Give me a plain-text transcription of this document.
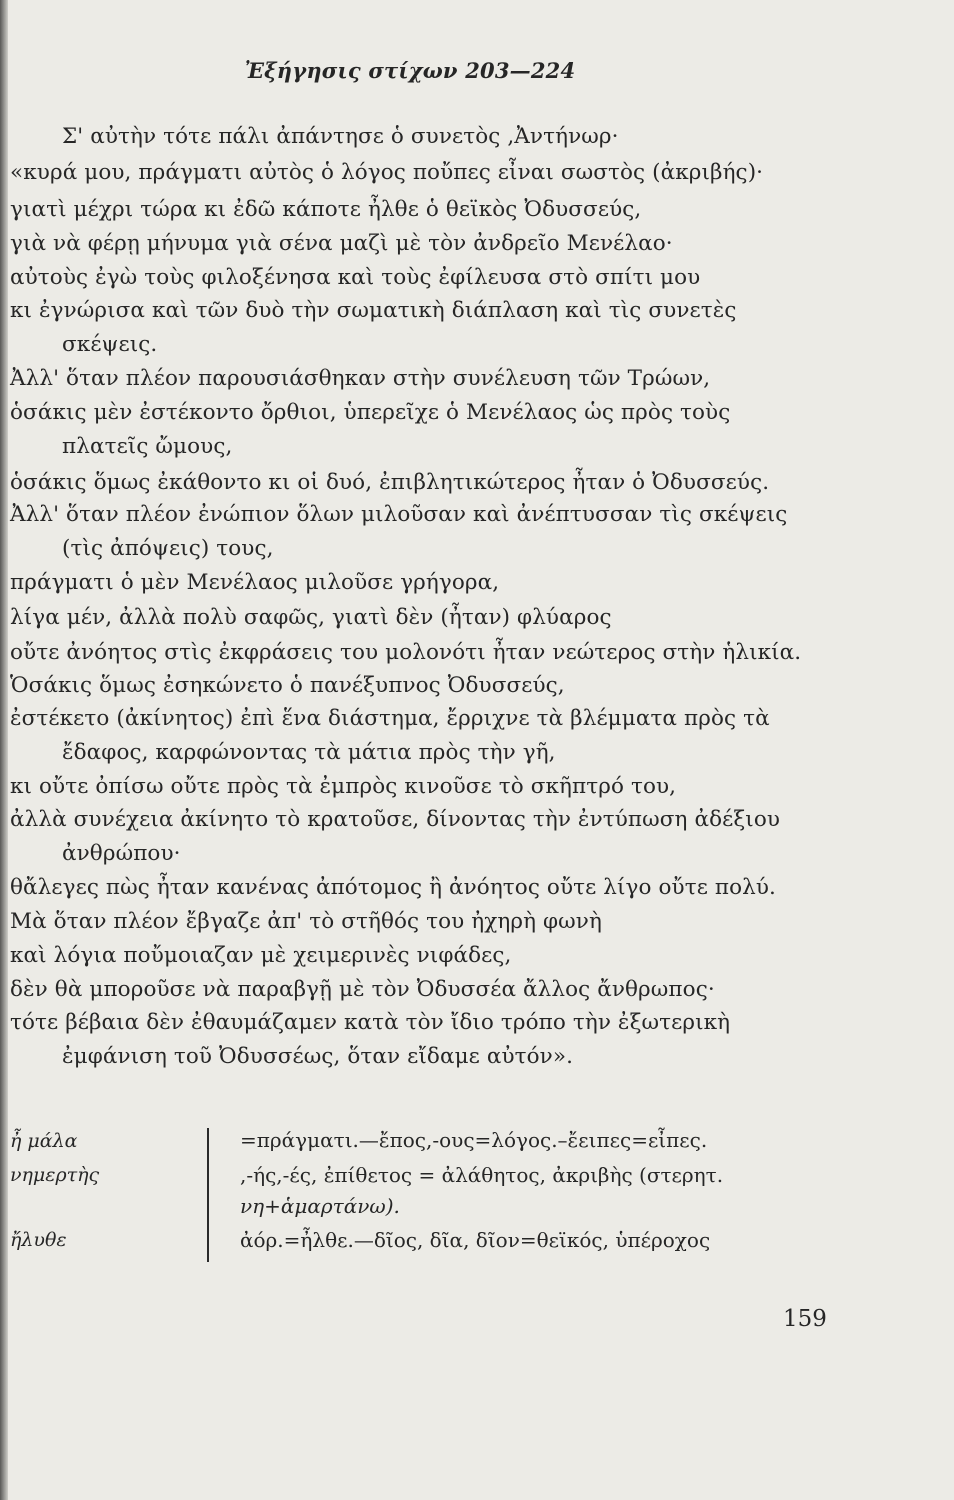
Ἐξήγησις στίχων 203—224
Σ' αὐτὴν τότε πάλι ἀπάντησε ὁ συνετὸς ,Ἀντήνωρ·
«κυρά μου, πράγματι αὐτὸς ὁ λόγος ποὔπες εἶναι σωστὸς (ἀκριβής)·
γιατὶ μέχρι τώρα κι ἐδῶ κάποτε ἦλθε ὁ θεϊκὸς Ὀδυσσεύς,
γιὰ νὰ φέρῃ μήνυμα γιὰ σένα μαζὶ μὲ τὸν ἀνδρεῖο Μενέλαο·
αὐτοὺς ἐγὼ τοὺς φιλοξένησα καὶ τοὺς ἐφίλευσα στὸ σπίτι μου
κι ἐγνώρισα καὶ τῶν δυὸ τὴν σωματικὴ διάπλαση καὶ τὶς συνετὲς
σκέψεις.
Ἀλλ' ὅταν πλέον παρουσιάσθηκαν στὴν συνέλευση τῶν Τρώων,
ὁσάκις μὲν ἐστέκοντο ὄρθιοι, ὑπερεῖχε ὁ Μενέλαος ὡς πρὸς τοὺς
πλατεῖς ὤμους,
ὁσάκις ὅμως ἐκάθοντο κι οἱ δυό, ἐπιβλητικώτερος ἦταν ὁ Ὀδυσσεύς.
Ἀλλ' ὅταν πλέον ἐνώπιον ὅλων μιλοῦσαν καὶ ἀνέπτυσσαν τὶς σκέψεις
(τὶς ἀπόψεις) τους,
πράγματι ὁ μὲν Μενέλαος μιλοῦσε γρήγορα,
λίγα μέν, ἀλλὰ πολὺ σαφῶς, γιατὶ δὲν (ἦταν) φλύαρος
οὔτε ἀνόητος στὶς ἐκφράσεις του μολονότι ἦταν νεώτερος στὴν ἡλικία.
Ὁσάκις ὅμως ἐσηκώνετο ὁ πανέξυπνος Ὀδυσσεύς,
ἐστέκετο (ἀκίνητος) ἐπὶ ἕνα διάστημα, ἔρριχνε τὰ βλέμματα πρὸς τὰ
ἔδαφος, καρφώνοντας τὰ μάτια πρὸς τὴν γῆ,
κι οὔτε ὀπίσω οὔτε πρὸς τὰ ἐμπρὸς κινοῦσε τὸ σκῆπτρό του,
ἀλλὰ συνέχεια ἀκίνητο τὸ κρατοῦσε, δίνοντας τὴν ἐντύπωση ἀδέξιου
ἀνθρώπου·
θἄλεγες πὼς ἦταν κανένας ἀπότομος ἢ ἀνόητος οὔτε λίγο οὔτε πολύ.
Μὰ ὅταν πλέον ἔβγαζε ἀπ' τὸ στῆθός του ἠχηρὴ φωνὴ
καὶ λόγια ποὔμοιαζαν μὲ χειμερινὲς νιφάδες,
δὲν θὰ μποροῦσε νὰ παραβγῇ μὲ τὸν Ὀδυσσέα ἄλλος ἄνθρωπος·
τότε βέβαια δὲν ἐθαυμάζαμεν κατὰ τὸν ἴδιο τρόπο τὴν ἐξωτερικὴ
ἐμφάνιση τοῦ Ὀδυσσέως, ὅταν εἴδαμε αὐτόν».
ἦ μάλα
νημερτὴς
ἤλυθε
=πράγματι.—ἔπος,-ους=λόγος.–ἔειπες=εἶπες.
,-ής,-ές, ἐπίθετος = ἀλάθητος, ἀκριβὴς (στερητ.
νη+ἁμαρτάνω).
ἀόρ.=ἦλθε.—δῖος, δῖα, δῖον=θεϊκός, ὑπέροχος
159
